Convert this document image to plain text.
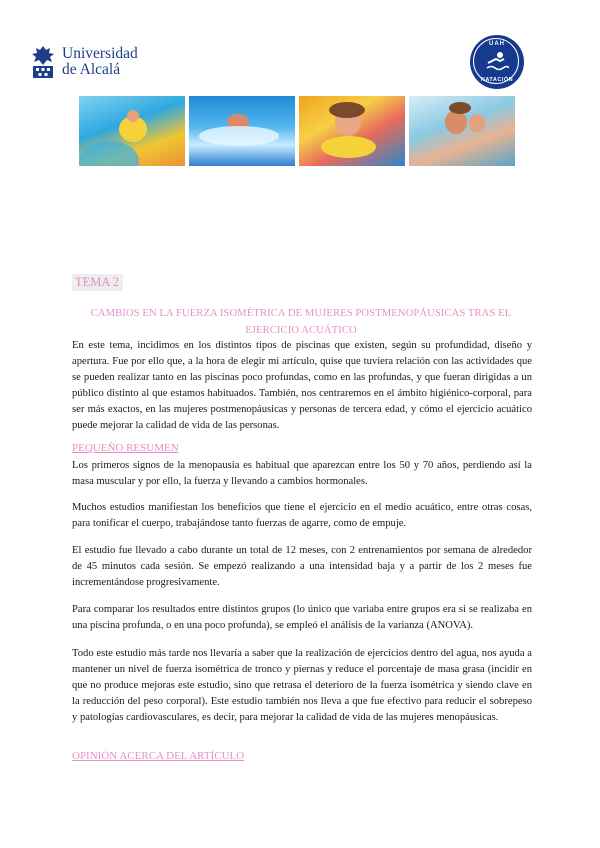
Universidad
de Alcalá
UAH
NATACIÓN
TEMA 2
CAMBIOS EN LA FUERZA ISOMÉTRICA DE MUJERES POSTMENOPÁUSICAS TRAS EL EJERCICIO ACUÁTICO
En este tema, incidimos en los distintos tipos de piscinas que existen, según su profundidad, diseño y apertura. Fue por ello que, a la hora de elegir mi artículo, quise que tuviera relación con las actividades que se pueden realizar tanto en las piscinas poco profundas, como en las profundas, y que fueran dirigidas a un público distinto al que estamos habituados. También, nos centraremos en el ámbito higiénico-corporal, para ser más exactos, en las mujeres postmenopáusicas y personas de tercera edad, y cómo el ejercicio acuático puede mejorar la calidad de vida de las personas.
PEQUEÑO RESUMEN
Los primeros signos de la menopausia es habitual que aparezcan entre los 50 y 70 años, perdiendo así la masa muscular y por ello, la fuerza y llevando a cambios hormonales.
Muchos estudios manifiestan los beneficios que tiene el ejercicio en el medio acuático, entre otras cosas, para tonificar el cuerpo, trabajándose tanto fuerzas de agarre, como de empuje.
El estudio fue llevado a cabo durante un total de 12 meses, con 2 entrenamientos por semana de alrededor de 45 minutos cada sesión. Se empezó realizando a una intensidad baja y a partir de los 2 meses fue incrementándose progresivamente.
Para comparar los resultados entre distintos grupos (lo único que variaba entre grupos era si se realizaba en una piscina profunda, o en una poco profunda), se empleó el análisis de la varianza (ANOVA).
Todo este estudio más tarde nos llevaría a saber que la realización de ejercicios dentro del agua, nos ayuda a mantener un nivel de fuerza isométrica de tronco y piernas y reduce el porcentaje de masa grasa (incidir en que no produce mejoras este estudio, sino que retrasa el deterioro de la fuerza isométrica y siendo clave en la reducción del peso corporal). Este estudio también nos lleva a que fue efectivo para reducir el sobrepeso y patologías cardiovasculares, es decir, para mejorar la calidad de vida de las mujeres menopáusicas.
OPINIÓN ACERCA DEL ARTÍCULO
